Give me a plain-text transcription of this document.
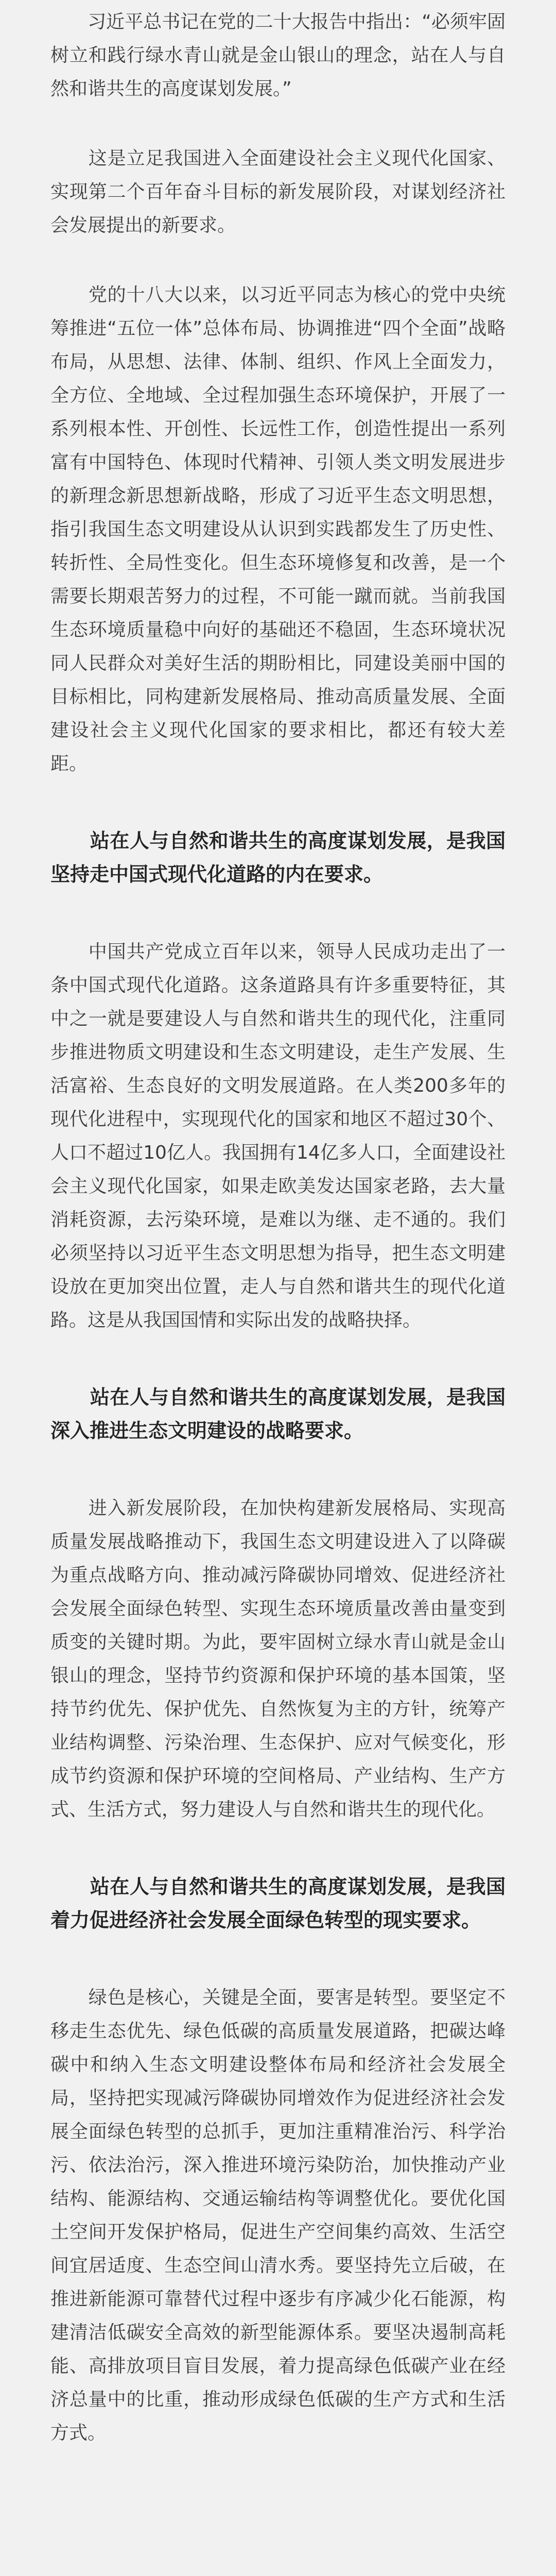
　　习近平总书记在党的二十大报告中指出：“必须牢固树立和践行绿水青山就是金山银山的理念，站在人与自然和谐共生的高度谋划发展。”

　　这是立足我国进入全面建设社会主义现代化国家、实现第二个百年奋斗目标的新发展阶段，对谋划经济社会发展提出的新要求。

　　党的十八大以来，以习近平同志为核心的党中央统筹推进“五位一体”总体布局、协调推进“四个全面”战略布局，从思想、法律、体制、组织、作风上全面发力，全方位、全地域、全过程加强生态环境保护，开展了一系列根本性、开创性、长远性工作，创造性提出一系列富有中国特色、体现时代精神、引领人类文明发展进步的新理念新思想新战略，形成了习近平生态文明思想，指引我国生态文明建设从认识到实践都发生了历史性、转折性、全局性变化。但生态环境修复和改善，是一个需要长期艰苦努力的过程，不可能一蹴而就。当前我国生态环境质量稳中向好的基础还不稳固，生态环境状况同人民群众对美好生活的期盼相比，同建设美丽中国的目标相比，同构建新发展格局、推动高质量发展、全面建设社会主义现代化国家的要求相比，都还有较大差距。

　　站在人与自然和谐共生的高度谋划发展，是我国坚持走中国式现代化道路的内在要求。

　　中国共产党成立百年以来，领导人民成功走出了一条中国式现代化道路。这条道路具有许多重要特征，其中之一就是要建设人与自然和谐共生的现代化，注重同步推进物质文明建设和生态文明建设，走生产发展、生活富裕、生态良好的文明发展道路。在人类200多年的现代化进程中，实现现代化的国家和地区不超过30个、人口不超过10亿人。我国拥有14亿多人口，全面建设社会主义现代化国家，如果走欧美发达国家老路，去大量消耗资源，去污染环境，是难以为继、走不通的。我们必须坚持以习近平生态文明思想为指导，把生态文明建设放在更加突出位置，走人与自然和谐共生的现代化道路。这是从我国国情和实际出发的战略抉择。

　　站在人与自然和谐共生的高度谋划发展，是我国深入推进生态文明建设的战略要求。

　　进入新发展阶段，在加快构建新发展格局、实现高质量发展战略推动下，我国生态文明建设进入了以降碳为重点战略方向、推动减污降碳协同增效、促进经济社会发展全面绿色转型、实现生态环境质量改善由量变到质变的关键时期。为此，要牢固树立绿水青山就是金山银山的理念，坚持节约资源和保护环境的基本国策，坚持节约优先、保护优先、自然恢复为主的方针，统筹产业结构调整、污染治理、生态保护、应对气候变化，形成节约资源和保护环境的空间格局、产业结构、生产方式、生活方式，努力建设人与自然和谐共生的现代化。

　　站在人与自然和谐共生的高度谋划发展，是我国着力促进经济社会发展全面绿色转型的现实要求。

　　绿色是核心，关键是全面，要害是转型。要坚定不移走生态优先、绿色低碳的高质量发展道路，把碳达峰碳中和纳入生态文明建设整体布局和经济社会发展全局，坚持把实现减污降碳协同增效作为促进经济社会发展全面绿色转型的总抓手，更加注重精准治污、科学治污、依法治污，深入推进环境污染防治，加快推动产业结构、能源结构、交通运输结构等调整优化。要优化国土空间开发保护格局，促进生产空间集约高效、生活空间宜居适度、生态空间山清水秀。要坚持先立后破，在推进新能源可靠替代过程中逐步有序减少化石能源，构建清洁低碳安全高效的新型能源体系。要坚决遏制高耗能、高排放项目盲目发展，着力提高绿色低碳产业在经济总量中的比重，推动形成绿色低碳的生产方式和生活方式。
